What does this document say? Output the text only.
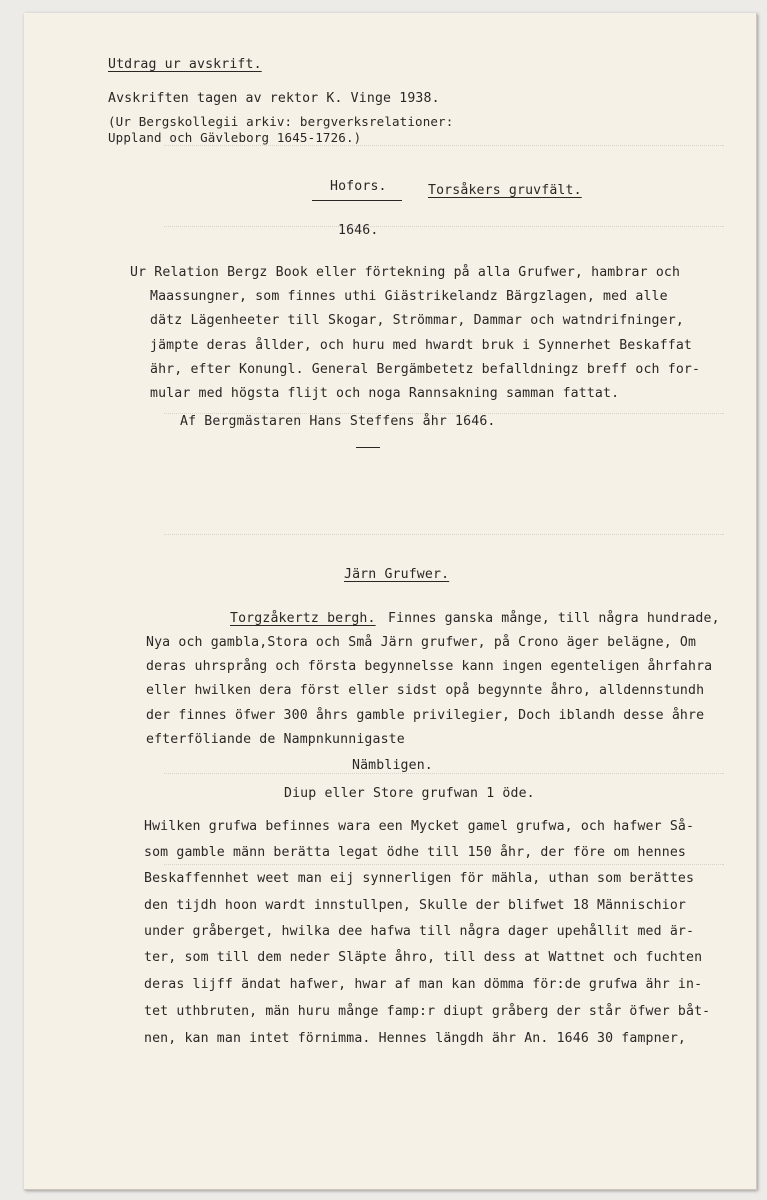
Utdrag ur avskrift.
Avskriften tagen av rektor K. Vinge 1938.
(Ur Bergskollegii arkiv: bergverksrelationer:
Uppland och Gävleborg 1645-1726.)
Hofors.	Torsåkers gruvfält.
1646.
Ur Relation Bergz Book eller förtekning på alla Grufwer, hambrar och
Maassungner, som finnes uthi Giästrikelandz Bärgzlagen, med alle
dätz Lägenheeter till Skogar, Strömmar, Dammar och watndrifninger,
jämpte deras ållder, och huru med hwardt bruk i Synnerhet Beskaffat
ähr, efter Konungl. General Bergämbetetz befalldningz breff och for-
mular med högsta flijt och noga Rannsakning samman fattat.
Af Bergmästaren Hans Steffens åhr 1646.
Järn Grufwer.
Torgzåkertz bergh. Finnes ganska månge, till några hundrade,
Nya och gambla,Stora och Små Järn grufwer, på Crono äger belägne, Om
deras uhrsprång och första begynnelsse kann ingen egenteligen åhrfahra
eller hwilken dera först eller sidst opå begynnte åhro, alldennstundh
der finnes öfwer 300 åhrs gamble privilegier, Doch iblandh desse åhre
efterföliande de Nampnkunnigaste
Nämbligen.
Diup eller Store grufwan 1 öde.
Hwilken grufwa befinnes wara een Mycket gamel grufwa, och hafwer Så-
som gamble männ berätta legat ödhe till 150 åhr, der före om hennes
Beskaffennhet weet man eij synnerligen för mähla, uthan som berättes
den tijdh hoon wardt innstullpen, Skulle der blifwet 18 Männischior
under gråberget, hwilka dee hafwa till några dager upehållit med är-
ter, som till dem neder Släpte åhro, till dess at Wattnet och fuchten
deras lijff ändat hafwer, hwar af man kan dömma för:de grufwa ähr in-
tet uthbruten, män huru månge famp:r diupt gråberg der står öfwer båt-
nen, kan man intet förnimma. Hennes längdh ähr An. 1646 30 fampner,
